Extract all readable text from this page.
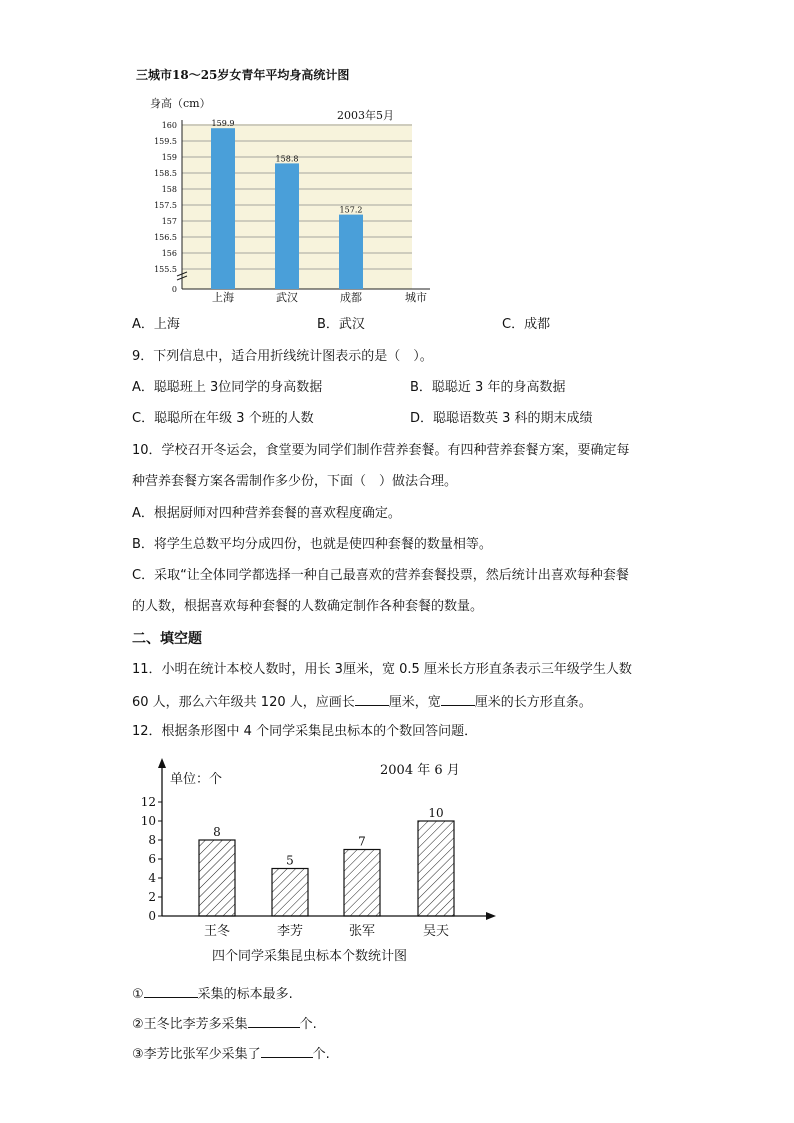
三城市18～25岁女青年平均身高统计图
身高（cm）
0
155.5
156
156.5
157
157.5
158
158.5
159
159.5
160
2003年5月
159.9
158.8
157.2
上海	武汉	成都	城市
A．上海	B．武汉	C．成都
9．下列信息中，适合用折线统计图表示的是（　）。
A．聪聪班上 3位同学的身高数据	B．聪聪近 3 年的身高数据
C．聪聪所在年级 3 个班的人数	D．聪聪语数英 3 科的期末成绩
10．学校召开冬运会，食堂要为同学们制作营养套餐。有四种营养套餐方案，要确定每
种营养套餐方案各需制作多少份，下面（　）做法合理。
A．根据厨师对四种营养套餐的喜欢程度确定。
B．将学生总数平均分成四份，也就是使四种套餐的数量相等。
C．采取“让全体同学都选择一种自己最喜欢的营养套餐投票，然后统计出喜欢每种套餐
的人数，根据喜欢每种套餐的人数确定制作各种套餐的数量。
二、填空题
11．小明在统计本校人数时，用长 3厘米，宽 0.5 厘米长方形直条表示三年级学生人数
60 人，那么六年级共 120 人，应画长	厘米，宽	厘米的长方形直条。
12．根据条形图中 4 个同学采集昆虫标本的个数回答问题．
单位：个
2004 年 6 月
0
2
4
6
8
10
12
8
5
7
10
王冬	李芳	张军	吴天
四个同学采集昆虫标本个数统计图
①	采集的标本最多.
②王冬比李芳多采集	个.
③李芳比张军少采集了	个.
